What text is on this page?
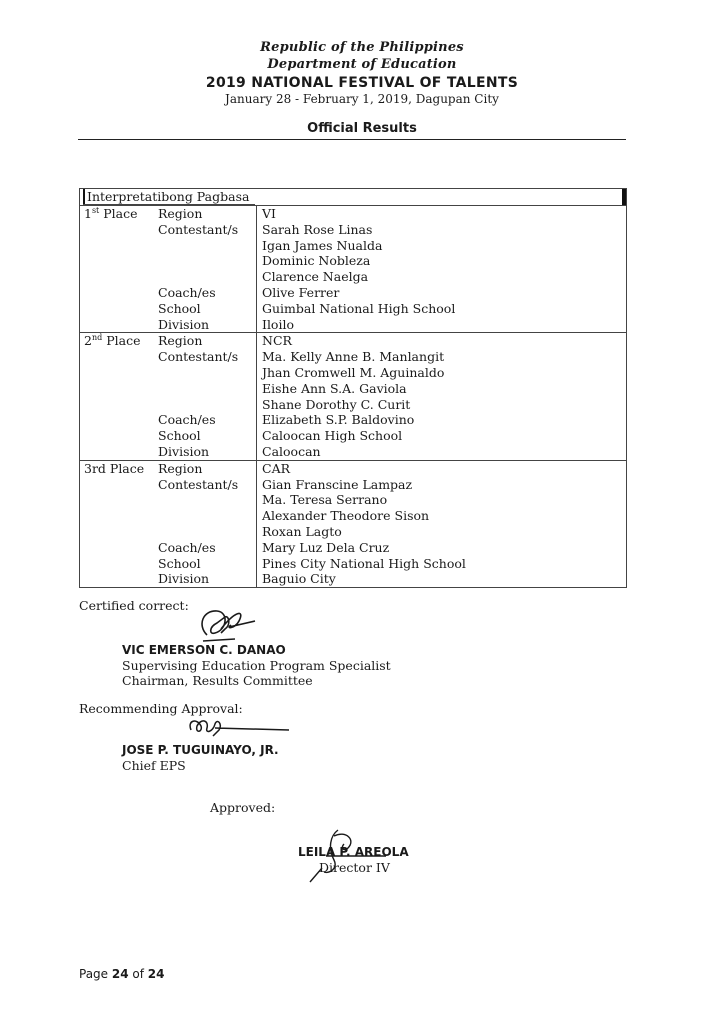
Republic of the Philippines
Department of Education
2019 NATIONAL FESTIVAL OF TALENTS
January 28 - February 1, 2019, Dagupan City
Official Results
Interpretatibong Pagbasa
1st Place	Region	VI
Contestant/s	Sarah Rose Linas
Igan James Nualda
Dominic Nobleza
Clarence Naelga
Coach/es	Olive Ferrer
School	Guimbal National High School
Division	Iloilo
2nd Place	Region	NCR
Contestant/s	Ma. Kelly Anne B. Manlangit
Jhan Cromwell M. Aguinaldo
Eishe Ann S.A. Gaviola
Shane Dorothy C. Curit
Coach/es	Elizabeth S.P. Baldovino
School	Caloocan High School
Division	Caloocan
3rd Place	Region	CAR
Contestant/s	Gian Franscine Lampaz
Ma. Teresa Serrano
Alexander Theodore Sison
Roxan Lagto
Coach/es	Mary Luz Dela Cruz
School	Pines City National High School
Division	Baguio City
Certified correct:
VIC EMERSON C. DANAO
Supervising Education Program Specialist
Chairman, Results Committee
Recommending Approval:
JOSE P. TUGUINAYO, JR.
Chief EPS
Approved:
LEILA P. AREOLA
Director IV
Page 24 of 24
